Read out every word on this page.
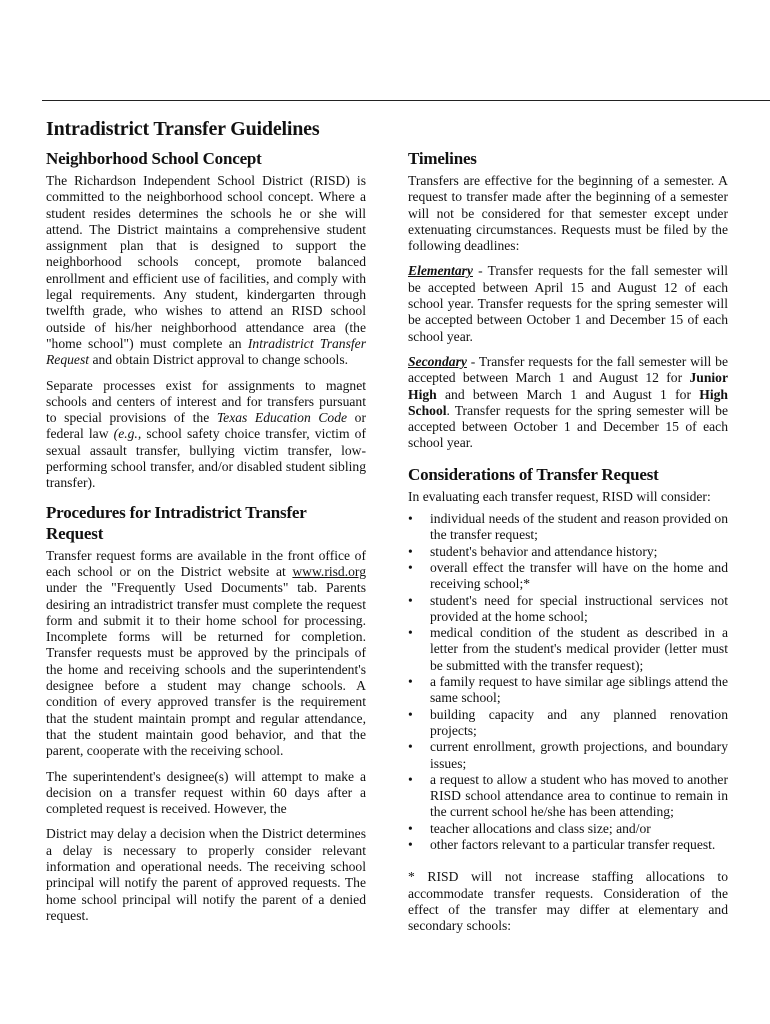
Intradistrict Transfer Guidelines
Neighborhood School Concept

The Richardson Independent School District (RISD) is committed to the neighborhood school concept. Where a student resides determines the schools he or she will attend. The District maintains a comprehensive student assignment plan that is designed to support the neighborhood schools concept, promote balanced enrollment and efficient use of facilities, and comply with legal requirements. Any student, kindergarten through twelfth grade, who wishes to attend an RISD school outside of his/her neighborhood attendance area (the "home school") must complete an Intradistrict Transfer Request and obtain District approval to change schools.

Separate processes exist for assignments to magnet schools and centers of interest and for transfers pursuant to special provisions of the Texas Education Code or federal law (e.g., school safety choice transfer, victim of sexual assault transfer, bullying victim transfer, low-performing school transfer, and/or disabled student sibling transfer).

Procedures for Intradistrict Transfer Request

Transfer request forms are available in the front office of each school or on the District website at www.risd.org under the "Frequently Used Documents" tab. Parents desiring an intradistrict transfer must complete the request form and submit it to their home school for processing. Incomplete forms will be returned for completion. Transfer requests must be approved by the principals of the home and receiving schools and the superintendent's designee before a student may change schools. A condition of every approved transfer is the requirement that the student maintain prompt and regular attendance, that the student maintain good behavior, and that the parent, cooperate with the receiving school.

The superintendent's designee(s) will attempt to make a decision on a transfer request within 60 days after a completed request is received. However, the

District may delay a decision when the District determines a delay is necessary to properly consider relevant information and operational needs. The receiving school principal will notify the parent of approved requests. The home school principal will notify the parent of a denied request.

Timelines

Transfers are effective for the beginning of a semester. A request to transfer made after the beginning of a semester will not be considered for that semester except under extenuating circumstances. Requests must be filed by the following deadlines:

Elementary - Transfer requests for the fall semester will be accepted between April 15 and August 12 of each school year. Transfer requests for the spring semester will be accepted between October 1 and December 15 of each school year.

Secondary - Transfer requests for the fall semester will be accepted between March 1 and August 12 for Junior High and between March 1 and August 1 for High School. Transfer requests for the spring semester will be accepted between October 1 and December 15 of each school year.

Considerations of Transfer Request

In evaluating each transfer request, RISD will consider:

• individual needs of the student and reason provided on the transfer request;
• student's behavior and attendance history;
• overall effect the transfer will have on the home and receiving school;*
• student's need for special instructional services not provided at the home school;
• medical condition of the student as described in a letter from the student's medical provider (letter must be submitted with the transfer request);
• a family request to have similar age siblings attend the same school;
• building capacity and any planned renovation projects;
• current enrollment, growth projections, and boundary issues;
• a request to allow a student who has moved to another RISD school attendance area to continue to remain in the current school he/she has been attending;
• teacher allocations and class size; and/or
• other factors relevant to a particular transfer request.

* RISD will not increase staffing allocations to accommodate transfer requests. Consideration of the effect of the transfer may differ at elementary and secondary schools:
